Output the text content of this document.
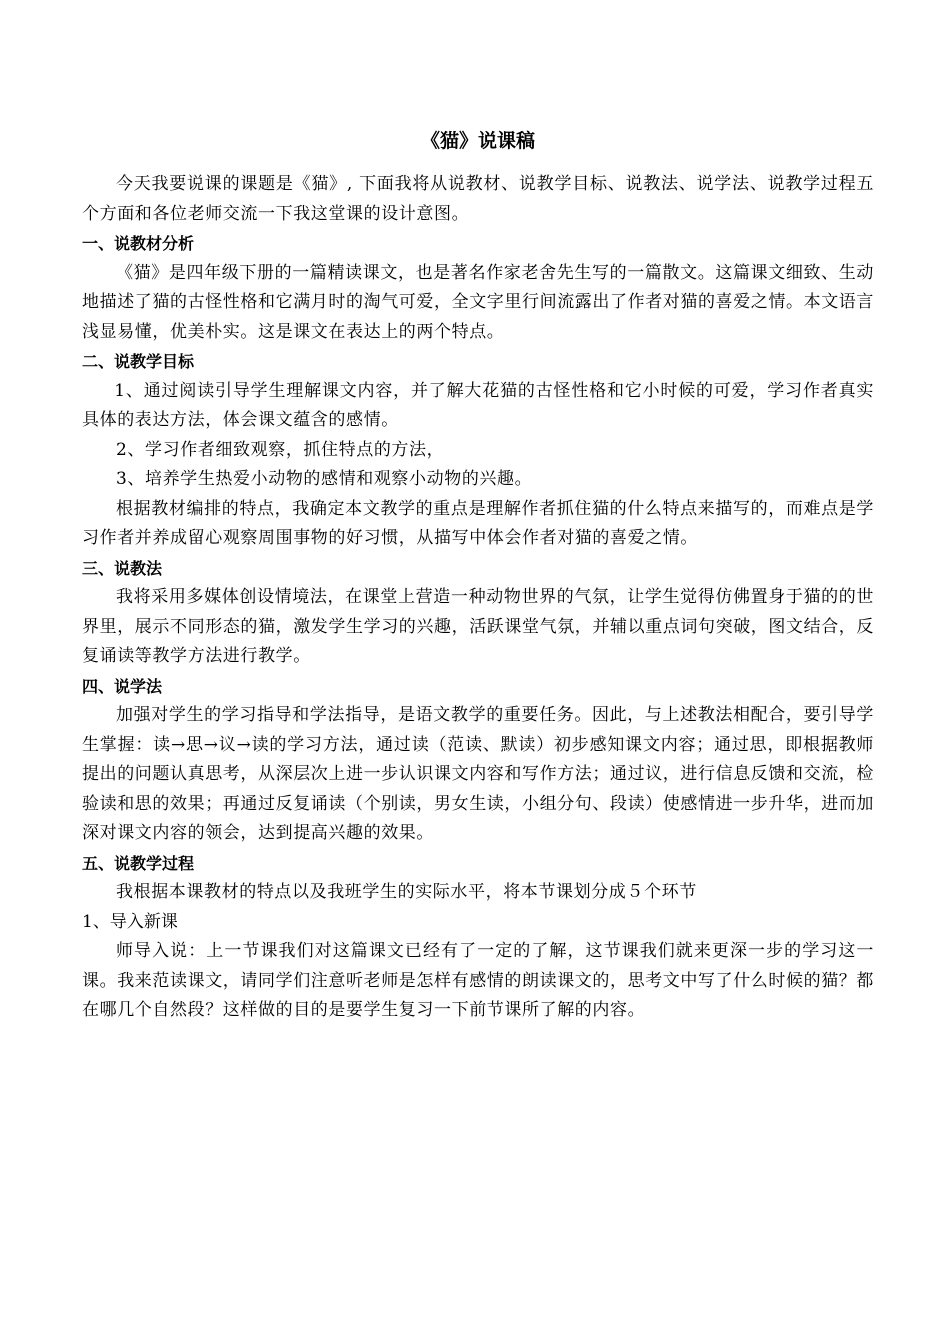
《猫》说课稿
今天我要说课的课题是《猫》, 下面我将从说教材、说教学目标、说教法、说学法、说教学过程五个方面和各位老师交流一下我这堂课的设计意图。
一、说教材分析
《猫》是四年级下册的一篇精读课文，也是著名作家老舍先生写的一篇散文。这篇课文细致、生动地描述了猫的古怪性格和它满月时的淘气可爱，全文字里行间流露出了作者对猫的喜爱之情。本文语言浅显易懂，优美朴实。这是课文在表达上的两个特点。
二、说教学目标
1、通过阅读引导学生理解课文内容，并了解大花猫的古怪性格和它小时候的可爱，学习作者真实具体的表达方法，体会课文蕴含的感情。
2、学习作者细致观察，抓住特点的方法，
3、培养学生热爱小动物的感情和观察小动物的兴趣。
根据教材编排的特点，我确定本文教学的重点是理解作者抓住猫的什么特点来描写的，而难点是学习作者并养成留心观察周围事物的好习惯，从描写中体会作者对猫的喜爱之情。
三、说教法
我将采用多媒体创设情境法，在课堂上营造一种动物世界的气氛，让学生觉得仿佛置身于猫的的世界里，展示不同形态的猫，激发学生学习的兴趣，活跃课堂气氛，并辅以重点词句突破，图文结合，反复诵读等教学方法进行教学。
四、说学法
加强对学生的学习指导和学法指导，是语文教学的重要任务。因此，与上述教法相配合，要引导学生掌握：读→思→议→读的学习方法，通过读（范读、默读）初步感知课文内容；通过思，即根据教师提出的问题认真思考，从深层次上进一步认识课文内容和写作方法；通过议，进行信息反馈和交流，检验读和思的效果；再通过反复诵读（个别读，男女生读，小组分句、段读）使感情进一步升华，进而加深对课文内容的领会，达到提高兴趣的效果。
五、说教学过程
我根据本课教材的特点以及我班学生的实际水平，将本节课划分成５个环节
1、导入新课
师导入说：上一节课我们对这篇课文已经有了一定的了解，这节课我们就来更深一步的学习这一课。我来范读课文，请同学们注意听老师是怎样有感情的朗读课文的，思考文中写了什么时候的猫？都在哪几个自然段？这样做的目的是要学生复习一下前节课所了解的内容。
